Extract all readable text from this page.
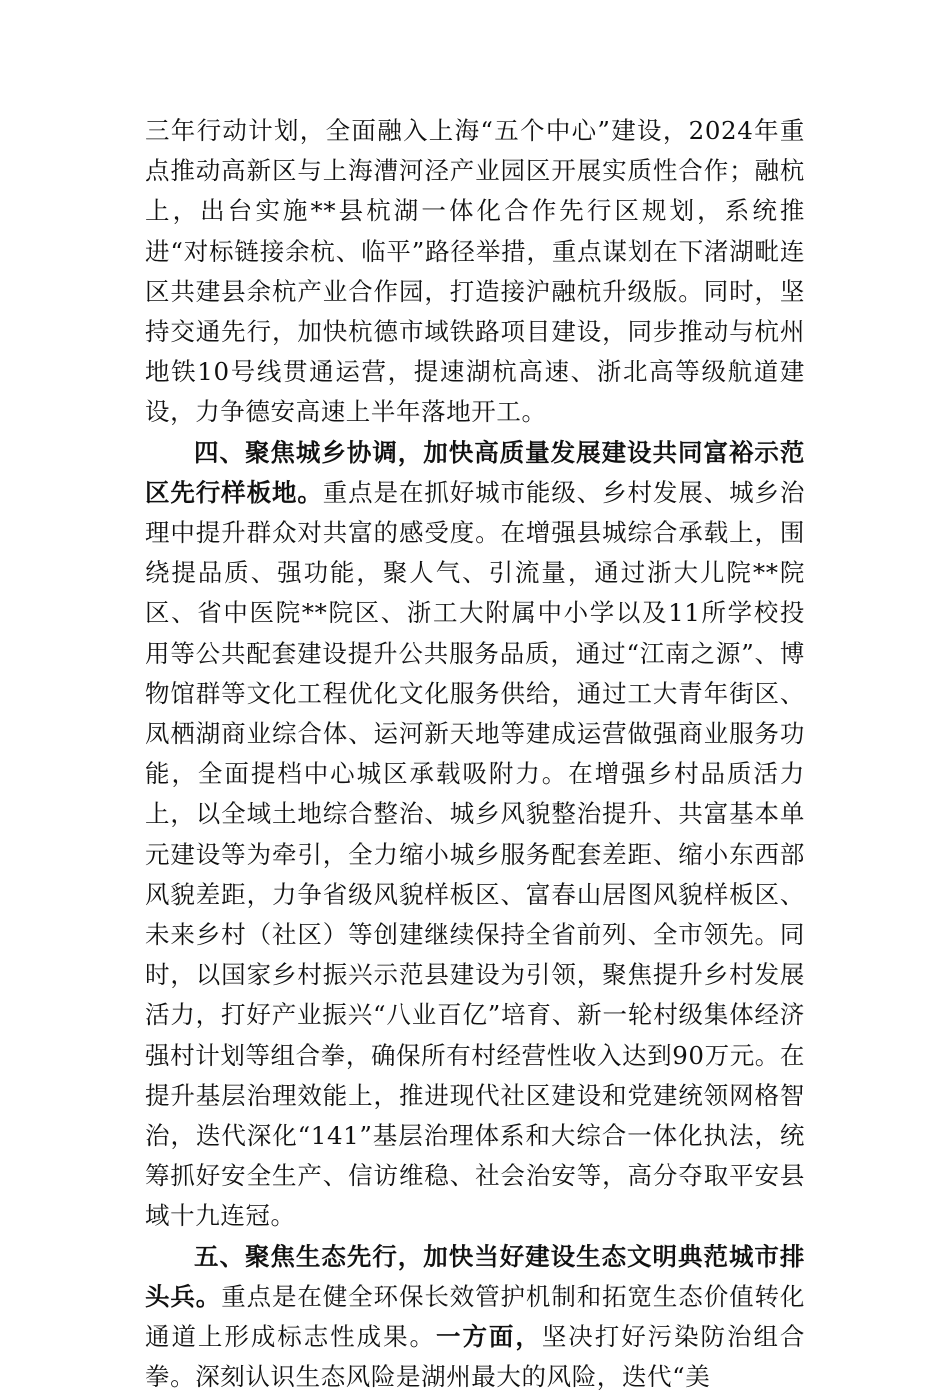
三年行动计划，全面融入上海“五个中心”建设，2024年重点推动高新区与上海漕河泾产业园区开展实质性合作；融杭上，出台实施**县杭湖一体化合作先行区规划，系统推进“对标链接余杭、临平”路径举措，重点谋划在下渚湖毗连区共建县余杭产业合作园，打造接沪融杭升级版。同时，坚持交通先行，加快杭德市域铁路项目建设，同步推动与杭州地铁10号线贯通运营，提速湖杭高速、浙北高等级航道建设，力争德安高速上半年落地开工。

四、聚焦城乡协调，加快高质量发展建设共同富裕示范区先行样板地。重点是在抓好城市能级、乡村发展、城乡治理中提升群众对共富的感受度。在增强县城综合承载上，围绕提品质、强功能，聚人气、引流量，通过浙大儿院**院区、省中医院**院区、浙工大附属中小学以及11所学校投用等公共配套建设提升公共服务品质，通过“江南之源”、博物馆群等文化工程优化文化服务供给，通过工大青年街区、凤栖湖商业综合体、运河新天地等建成运营做强商业服务功能，全面提档中心城区承载吸附力。在增强乡村品质活力上，以全域土地综合整治、城乡风貌整治提升、共富基本单元建设等为牵引，全力缩小城乡服务配套差距、缩小东西部风貌差距，力争省级风貌样板区、富春山居图风貌样板区、未来乡村（社区）等创建继续保持全省前列、全市领先。同时，以国家乡村振兴示范县建设为引领，聚焦提升乡村发展活力，打好产业振兴“八业百亿”培育、新一轮村级集体经济强村计划等组合拳，确保所有村经营性收入达到90万元。在提升基层治理效能上，推进现代社区建设和党建统领网格智治，迭代深化“141”基层治理体系和大综合一体化执法，统筹抓好安全生产、信访维稳、社会治安等，高分夺取平安县域十九连冠。

五、聚焦生态先行，加快当好建设生态文明典范城市排头兵。重点是在健全环保长效管护机制和拓宽生态价值转化通道上形成标志性成果。一方面，坚决打好污染防治组合拳。深刻认识生态风险是湖州最大的风险，迭代“美
